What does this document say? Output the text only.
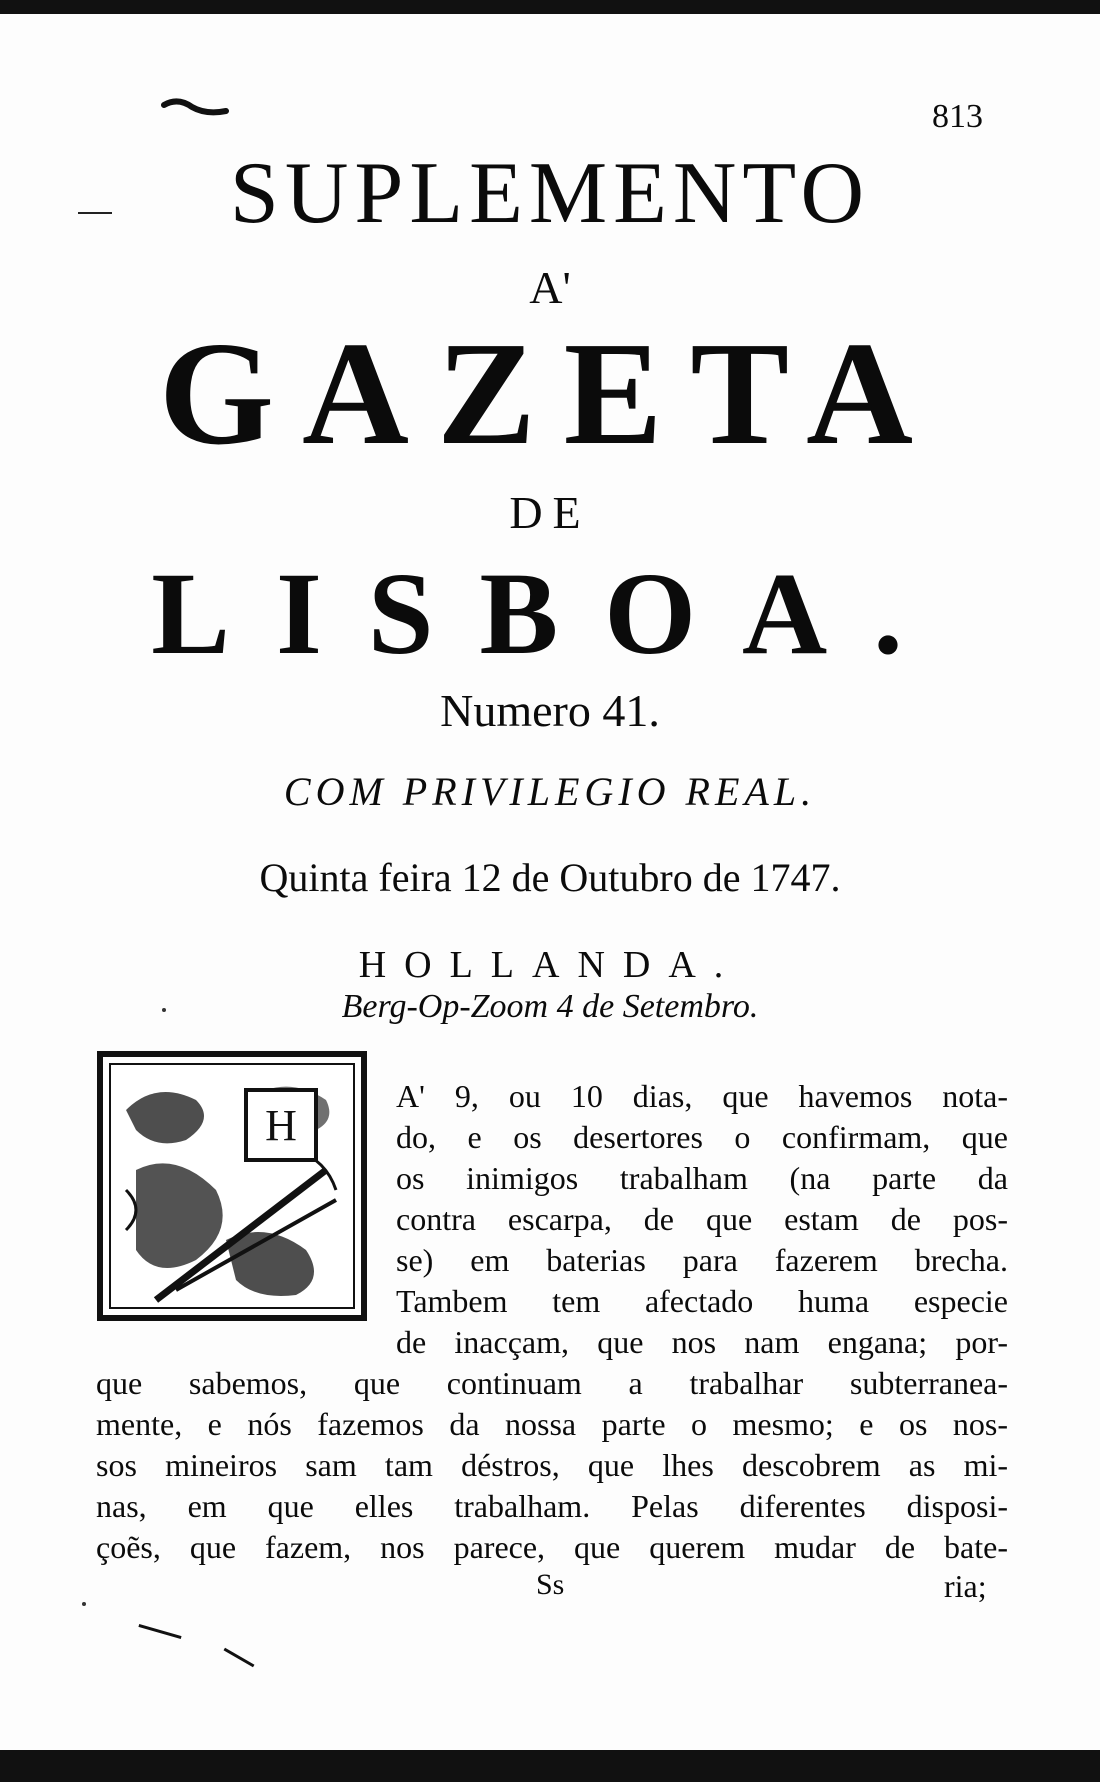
813
SUPLEMENTO
A'
GAZETA
DE
LISBOA.
Numero 41.
COM PRIVILEGIO REAL.
Quinta feira 12 de Outubro de 1747.
HOLLANDA.
Berg-Op-Zoom 4 de Setembro.
H
A' 9, ou 10 dias, que havemos nota-
do, e os desertores o confirmam, que
os inimigos trabalham (na parte da
contra escarpa, de que estam de pos-
se) em baterias para fazerem brecha.
Tambem tem afectado huma especie
de inacçam, que nos nam engana; por-
que sabemos, que continuam a trabalhar subterranea-
mente, e nós fazemos da nossa parte o mesmo; e os nos-
sos mineiros sam tam déstros, que lhes descobrem as mi-
nas, em que elles trabalham. Pelas diferentes disposi-
çoẽs, que fazem, nos parece, que querem mudar de bate-
Ss	ria;
